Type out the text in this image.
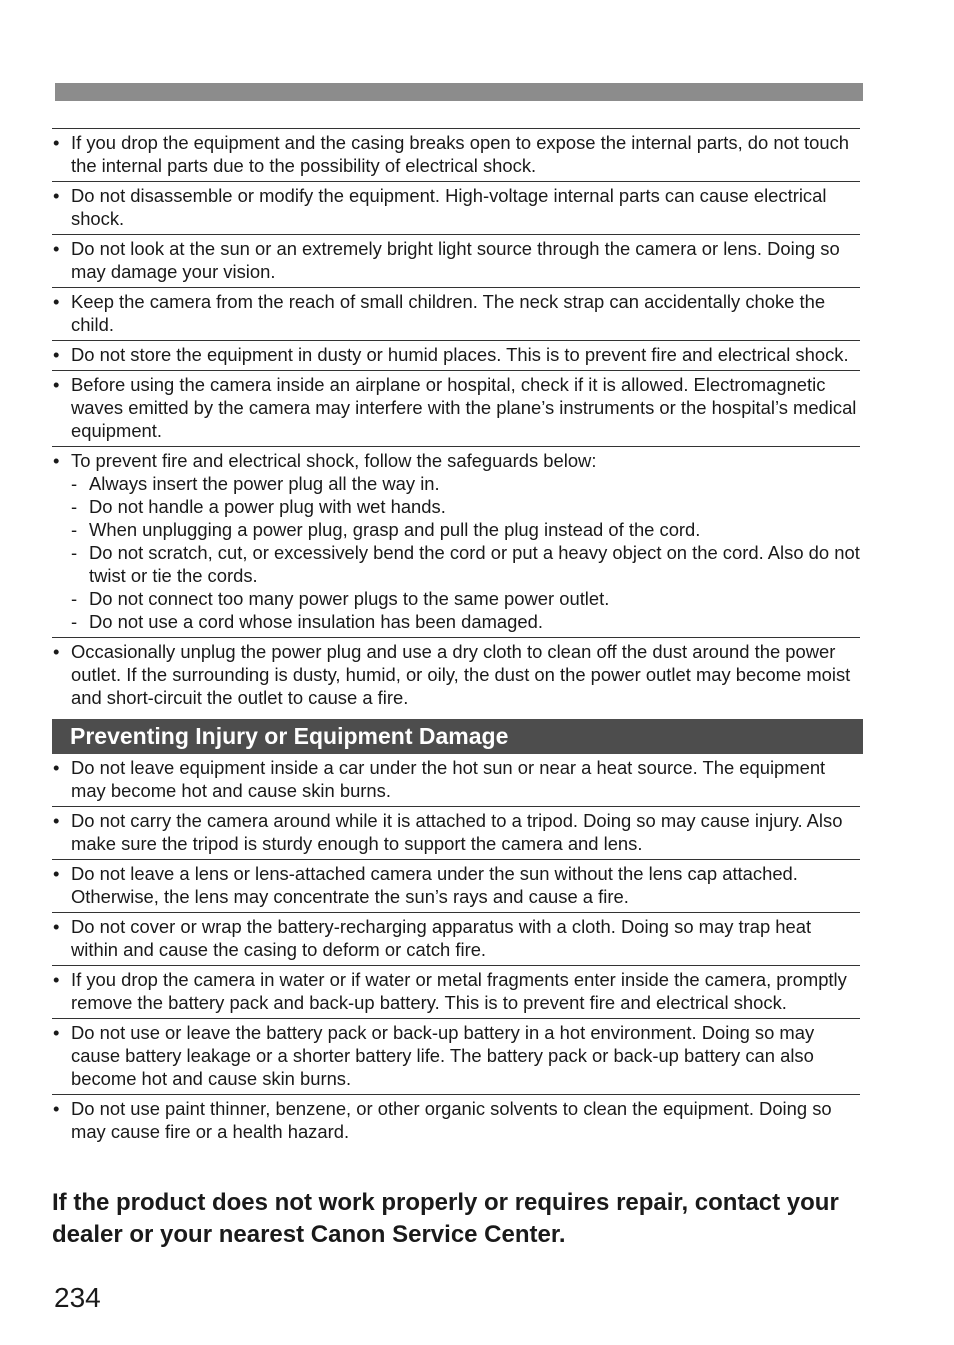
• If you drop the equipment and the casing breaks open to expose the internal parts, do not touch the internal parts due to the possibility of electrical shock.
• Do not disassemble or modify the equipment. High-voltage internal parts can cause electrical shock.
• Do not look at the sun or an extremely bright light source through the camera or lens. Doing so may damage your vision.
• Keep the camera from the reach of small children. The neck strap can accidentally choke the child.
• Do not store the equipment in dusty or humid places. This is to prevent fire and electrical shock.
• Before using the camera inside an airplane or hospital, check if it is allowed. Electromagnetic waves emitted by the camera may interfere with the plane’s instruments or the hospital’s medical equipment.
• To prevent fire and electrical shock, follow the safeguards below:
- Always insert the power plug all the way in.
- Do not handle a power plug with wet hands.
- When unplugging a power plug, grasp and pull the plug instead of the cord.
- Do not scratch, cut, or excessively bend the cord or put a heavy object on the cord. Also do not twist or tie the cords.
- Do not connect too many power plugs to the same power outlet.
- Do not use a cord whose insulation has been damaged.
• Occasionally unplug the power plug and use a dry cloth to clean off the dust around the power outlet. If the surrounding is dusty, humid, or oily, the dust on the power outlet may become moist and short-circuit the outlet to cause a fire.
Preventing Injury or Equipment Damage
• Do not leave equipment inside a car under the hot sun or near a heat source. The equipment may become hot and cause skin burns.
• Do not carry the camera around while it is attached to a tripod. Doing so may cause injury. Also make sure the tripod is sturdy enough to support the camera and lens.
• Do not leave a lens or lens-attached camera under the sun without the lens cap attached. Otherwise, the lens may concentrate the sun’s rays and cause a fire.
• Do not cover or wrap the battery-recharging apparatus with a cloth. Doing so may trap heat within and cause the casing to deform or catch fire.
• If you drop the camera in water or if water or metal fragments enter inside the camera, promptly remove the battery pack and back-up battery. This is to prevent fire and electrical shock.
• Do not use or leave the battery pack or back-up battery in a hot environment. Doing so may cause battery leakage or a shorter battery life. The battery pack or back-up battery can also become hot and cause skin burns.
• Do not use paint thinner, benzene, or other organic solvents to clean the equipment. Doing so may cause fire or a health hazard.
If the product does not work properly or requires repair, contact your dealer or your nearest Canon Service Center.
234
